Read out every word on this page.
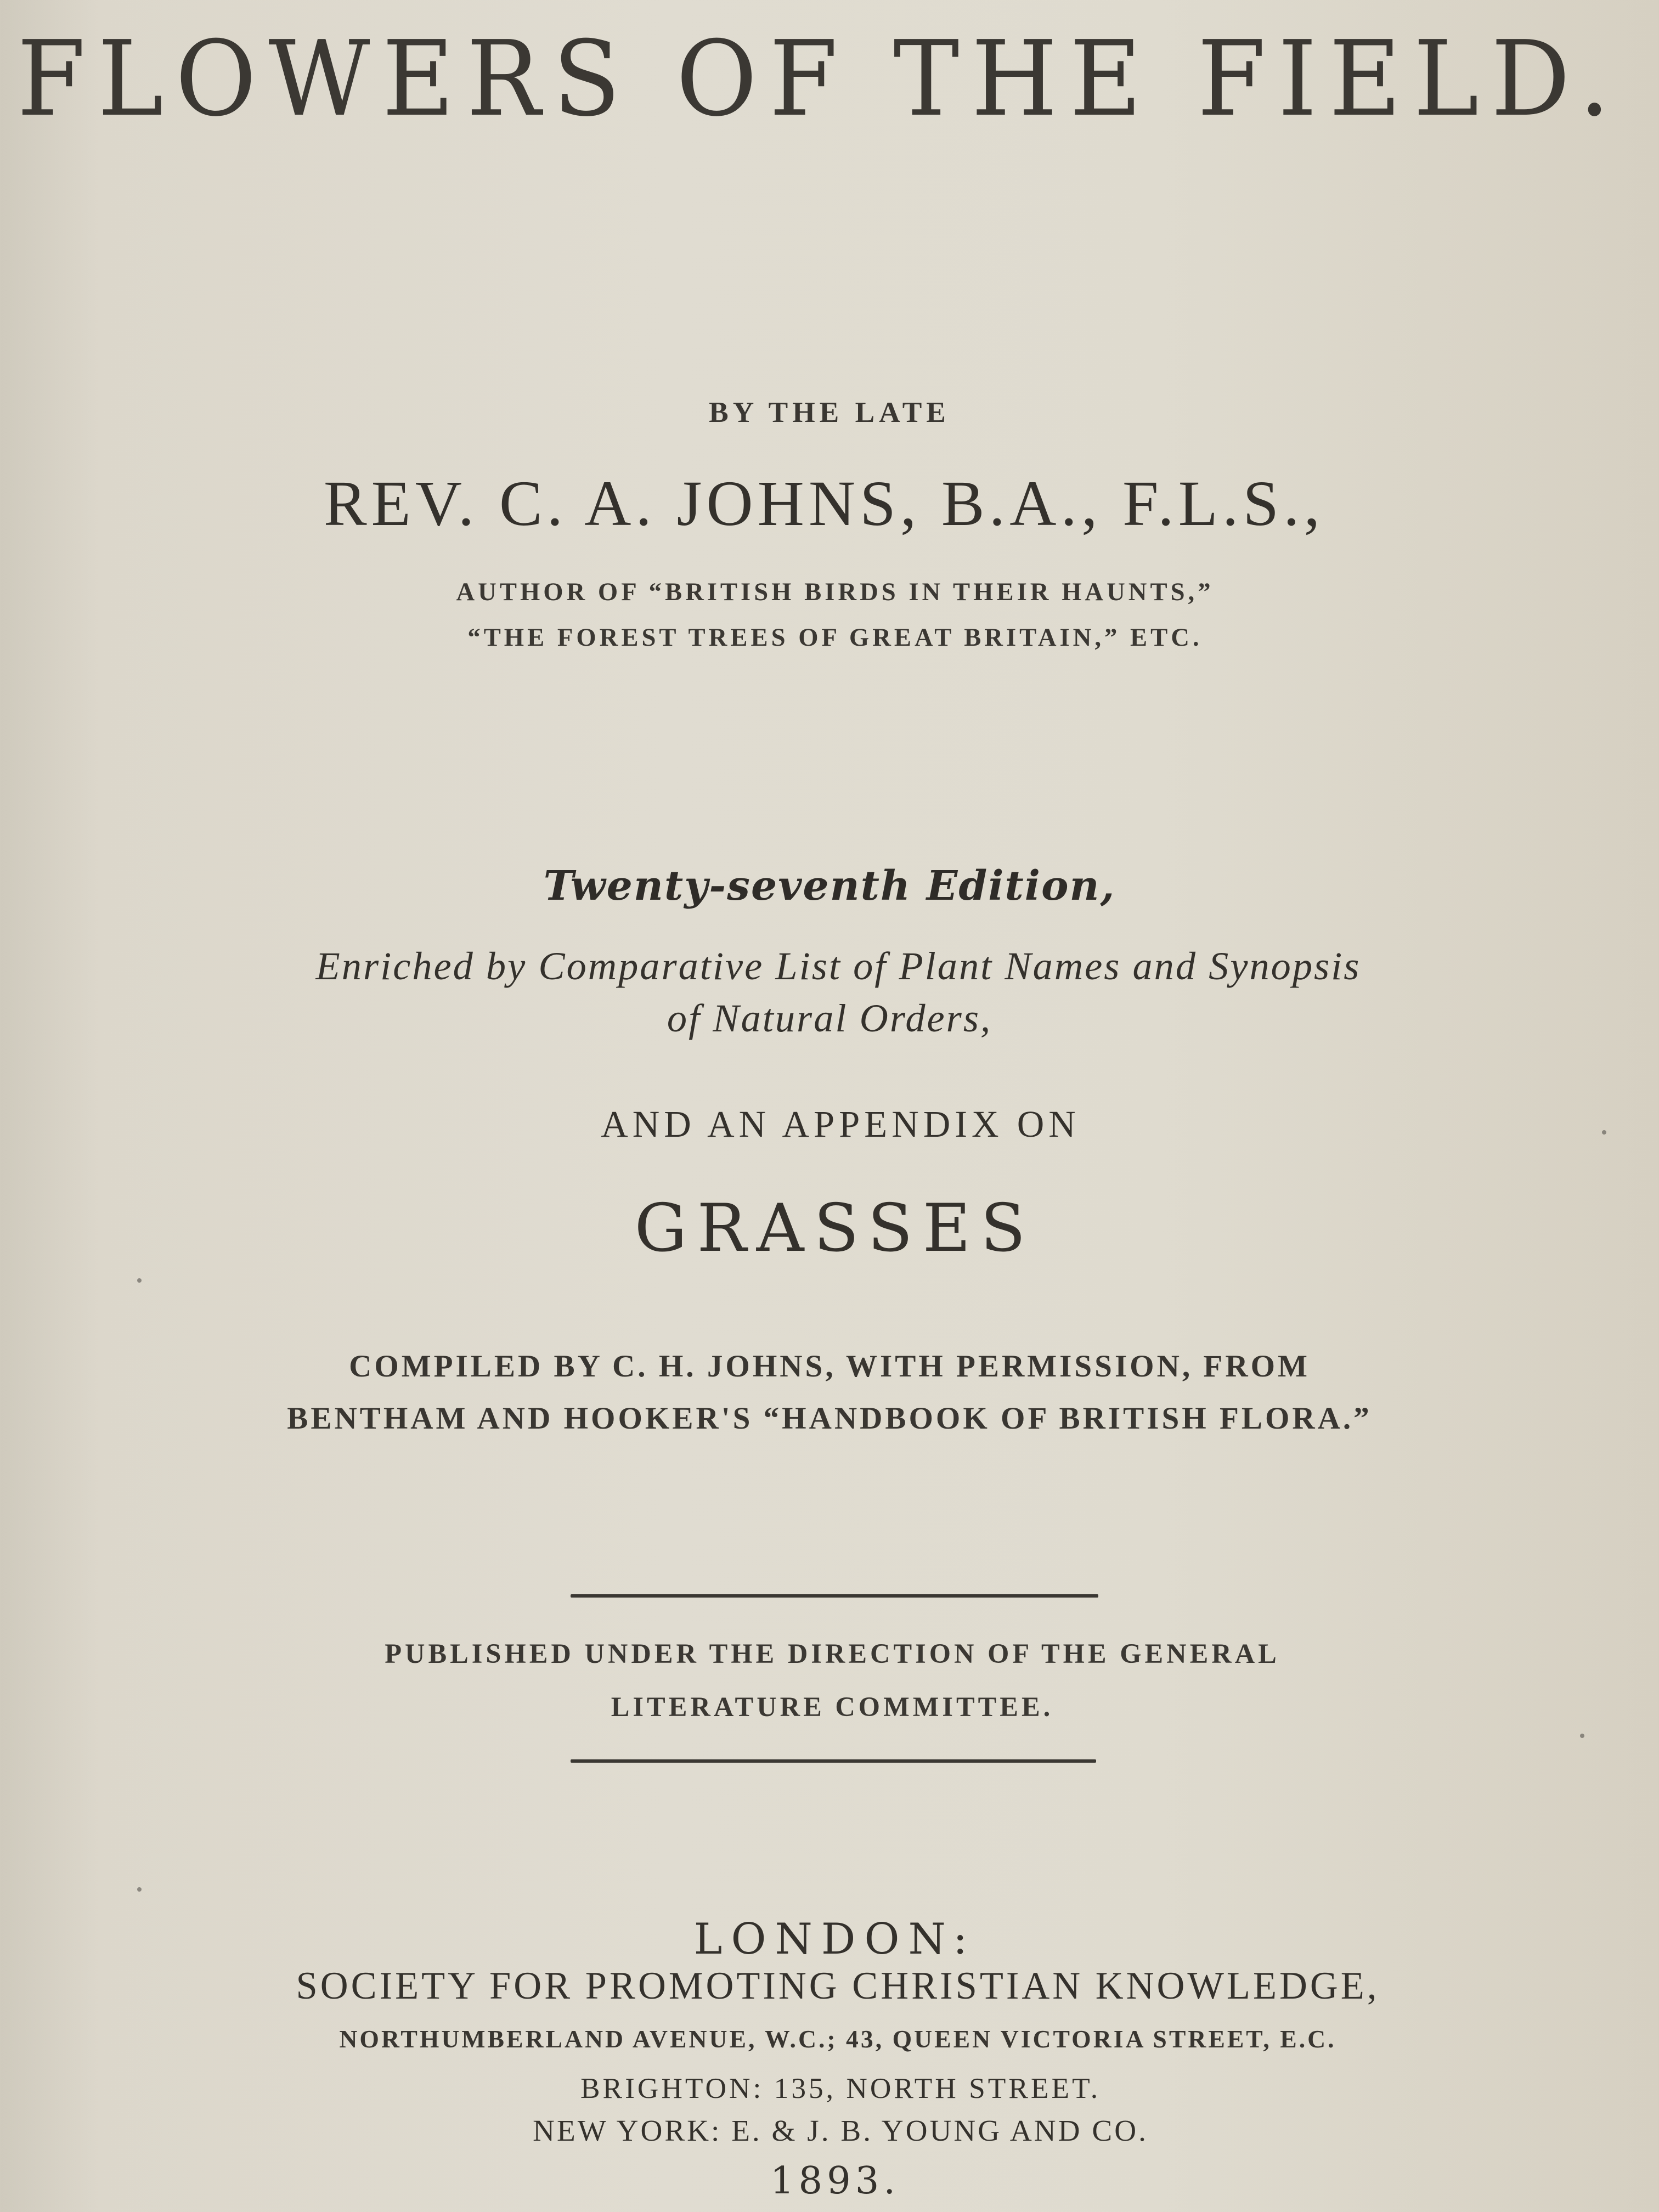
FLOWERS OF THE FIELD.

BY THE LATE

REV. C. A. JOHNS, B.A., F.L.S.,

AUTHOR OF “BRITISH BIRDS IN THEIR HAUNTS,”

“THE FOREST TREES OF GREAT BRITAIN,” ETC.

Twenty-seventh Edition,

Enriched by Comparative List of Plant Names and Synopsis

of Natural Orders,

AND AN APPENDIX ON

GRASSES

COMPILED BY C. H. JOHNS, WITH PERMISSION, FROM

BENTHAM AND HOOKER'S “HANDBOOK OF BRITISH FLORA.”

PUBLISHED UNDER THE DIRECTION OF THE GENERAL

LITERATURE COMMITTEE.

LONDON:

SOCIETY FOR PROMOTING CHRISTIAN KNOWLEDGE,

NORTHUMBERLAND AVENUE, W.C.; 43, QUEEN VICTORIA STREET, E.C.

BRIGHTON: 135, NORTH STREET.

NEW YORK: E. & J. B. YOUNG AND CO.

1893.
